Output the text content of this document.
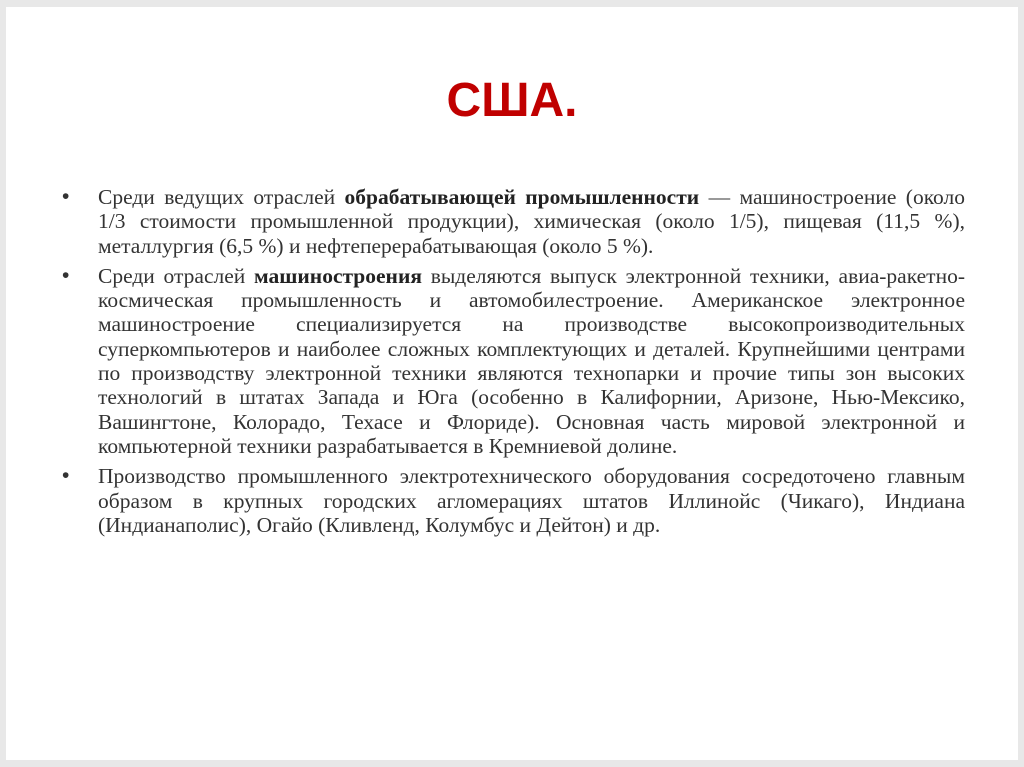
США.
• Среди ведущих отраслей обрабатывающей промышленности — машиностроение (около 1/3 стоимости промышленной продукции), химическая (около 1/5), пищевая (11,5 %), металлургия (6,5 %) и нефтеперерабатывающая (около 5 %).
• Среди отраслей машиностроения выделяются выпуск электронной техники, авиа-ракетно-космическая промышленность и автомобилестроение. Американское электронное машиностроение специализируется на производстве высокопроизводительных суперкомпьютеров и наиболее сложных комплектующих и деталей. Крупнейшими центрами по производству электронной техники являются технопарки и прочие типы зон высоких технологий в штатах Запада и Юга (особенно в Калифорнии, Аризоне, Нью-Мексико, Вашингтоне, Колорадо, Техасе и Флориде). Основная часть мировой электронной и компьютерной техники разрабатывается в Кремниевой долине.
• Производство промышленного электротехнического оборудования сосредоточено главным образом в крупных городских агломерациях штатов Иллинойс (Чикаго), Индиана (Индианаполис), Огайо (Кливленд, Колумбус и Дейтон) и др.
